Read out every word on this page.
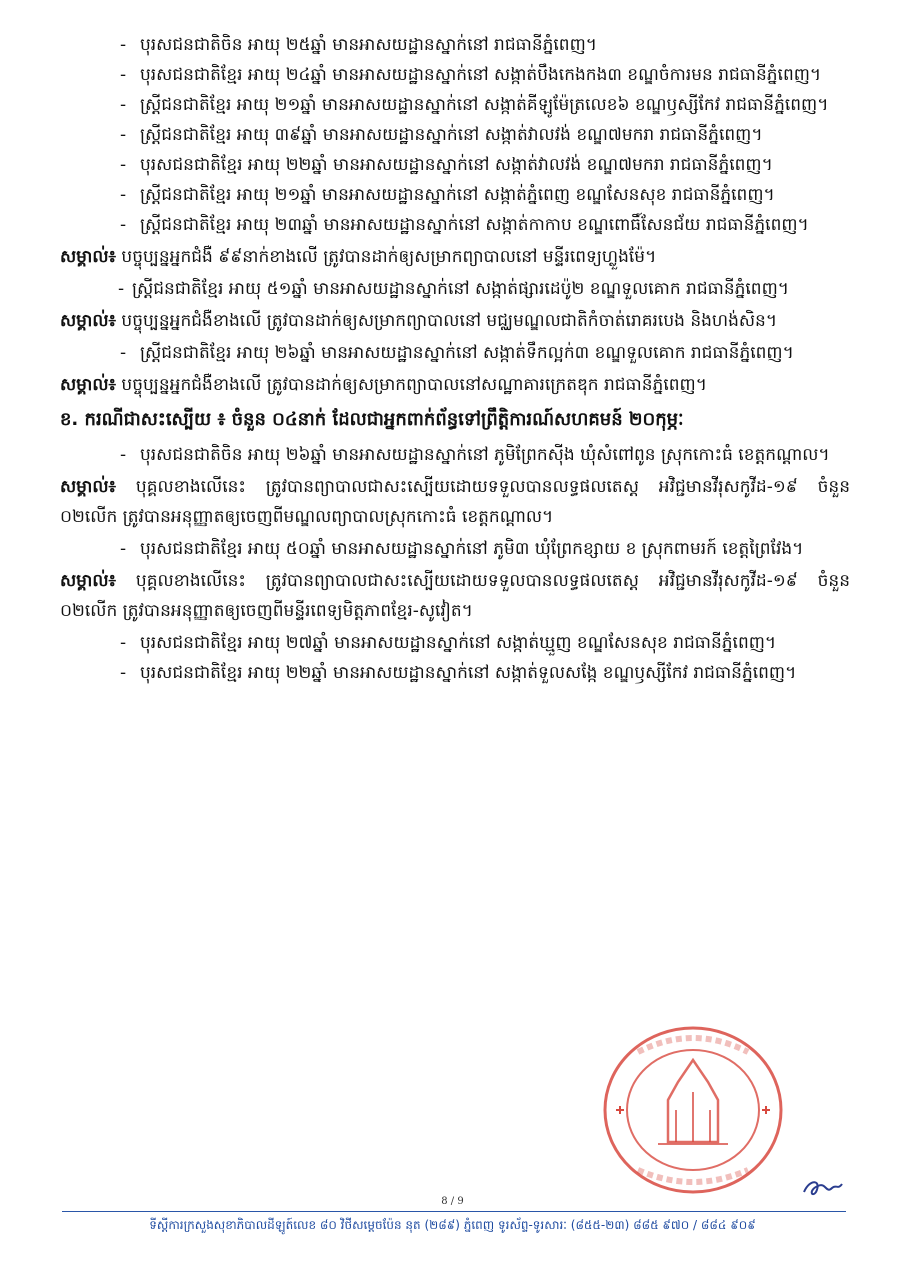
- បុរសជនជាតិចិន អាយុ ២៥ឆ្នាំ មានអាសយដ្ឋានស្នាក់នៅ រាជធានីភ្នំពេញ។
- បុរសជនជាតិខ្មែរ អាយុ ២៤ឆ្នាំ មានអាសយដ្ឋានស្នាក់នៅ សង្កាត់បឹងកេងកង៣ ខណ្ឌចំការមន រាជធានីភ្នំពេញ។
- ស្ត្រីជនជាតិខ្មែរ អាយុ ២១ឆ្នាំ មានអាសយដ្ឋានស្នាក់នៅ សង្កាត់គីឡូម៉ែត្រលេខ៦ ខណ្ឌឫស្សីកែវ រាជធានីភ្នំពេញ។
- ស្ត្រីជនជាតិខ្មែរ អាយុ ៣៩ឆ្នាំ មានអាសយដ្ឋានស្នាក់នៅ សង្កាត់វាលវង់ ខណ្ឌ៧មករា រាជធានីភ្នំពេញ។
- បុរសជនជាតិខ្មែរ អាយុ ២២ឆ្នាំ មានអាសយដ្ឋានស្នាក់នៅ សង្កាត់វាលវង់ ខណ្ឌ៧មករា រាជធានីភ្នំពេញ។
- ស្ត្រីជនជាតិខ្មែរ អាយុ ២១ឆ្នាំ មានអាសយដ្ឋានស្នាក់នៅ សង្កាត់ភ្នំពេញ ខណ្ឌសែនសុខ រាជធានីភ្នំពេញ។
- ស្ត្រីជនជាតិខ្មែរ អាយុ ២៣ឆ្នាំ មានអាសយដ្ឋានស្នាក់នៅ សង្កាត់កាកាប ខណ្ឌពោធិ៍សែនជ័យ រាជធានីភ្នំពេញ។
សម្គាល់៖ បច្ចុប្បន្នអ្នកជំងឺ ៩៩នាក់ខាងលើ ត្រូវបានដាក់ឲ្យសម្រាកព្យាបាលនៅ មន្ទីរពេទ្យហ្លួងម៉ែ។
- ស្ត្រីជនជាតិខ្មែរ អាយុ ៥១ឆ្នាំ មានអាសយដ្ឋានស្នាក់នៅ សង្កាត់ផ្សារដេប៉ូ២ ខណ្ឌទួលគោក រាជធានីភ្នំពេញ។
សម្គាល់៖ បច្ចុប្បន្នអ្នកជំងឺខាងលើ ត្រូវបានដាក់ឲ្យសម្រាកព្យាបាលនៅ មជ្ឈមណ្ឌលជាតិកំចាត់រោគរបេង និងហង់សិន។
- ស្ត្រីជនជាតិខ្មែរ អាយុ ២៦ឆ្នាំ មានអាសយដ្ឋានស្នាក់នៅ សង្កាត់ទឹកល្អក់៣ ខណ្ឌទួលគោក រាជធានីភ្នំពេញ។
សម្គាល់៖ បច្ចុប្បន្នអ្នកជំងឺខាងលើ ត្រូវបានដាក់ឲ្យសម្រាកព្យាបាលនៅសណ្ឋាគារក្រេតឌុក រាជធានីភ្នំពេញ។
ខ. ករណីជាសះស្បើយ ៖ ចំនួន ០៤នាក់ ដែលជាអ្នកពាក់ព័ន្ធទៅព្រឹត្តិការណ៍សហគមន៍ ២០កុម្ភៈ
- បុរសជនជាតិចិន អាយុ ២៦ឆ្នាំ មានអាសយដ្ឋានស្នាក់នៅ ភូមិព្រែកស៊ីង ឃុំសំពៅពូន ស្រុកកោះធំ ខេត្តកណ្តាល។
សម្គាល់៖ បុគ្គលខាងលើនេះ ត្រូវបានព្យាបាលជាសះស្បើយដោយទទួលបានលទ្ធផលតេស្ត អវិជ្ជមានវីរុសកូវីដ-១៩ ចំនួន ០២លើក ត្រូវបានអនុញ្ញាតឲ្យចេញពីមណ្ឌលព្យាបាលស្រុកកោះធំ ខេត្តកណ្តាល។
- បុរសជនជាតិខ្មែរ អាយុ ៥០ឆ្នាំ មានអាសយដ្ឋានស្នាក់នៅ ភូមិ៣ ឃុំព្រែកខ្សាយ ខ ស្រុកពាមរក៍ ខេត្តព្រៃវែង។
សម្គាល់៖ បុគ្គលខាងលើនេះ ត្រូវបានព្យាបាលជាសះស្បើយដោយទទួលបានលទ្ធផលតេស្ត អវិជ្ជមានវីរុសកូវីដ-១៩ ចំនួន ០២លើក ត្រូវបានអនុញ្ញាតឲ្យចេញពីមន្ទីរពេទ្យមិត្តភាពខ្មែរ-សូវៀត។
- បុរសជនជាតិខ្មែរ អាយុ ២៧ឆ្នាំ មានអាសយដ្ឋានស្នាក់នៅ សង្កាត់ឃ្មួញ ខណ្ឌសែនសុខ រាជធានីភ្នំពេញ។
- បុរសជនជាតិខ្មែរ អាយុ ២២ឆ្នាំ មានអាសយដ្ឋានស្នាក់នៅ សង្កាត់ទួលសង្កែ ខណ្ឌឫស្សីកែវ រាជធានីភ្នំពេញ។
8 / 9
ទីស្តីការក្រសួងសុខាភិបាលដីឡូត៍លេខ ៨០ វិថីសម្តេចប៉ែន នុត (២៨៩) ភ្នំពេញ ទូរស័ព្ទ-ទូរសារៈ (៨៥៥-២៣) ៨៨៥ ៩៧០ / ៨៨៤ ៩០៩
